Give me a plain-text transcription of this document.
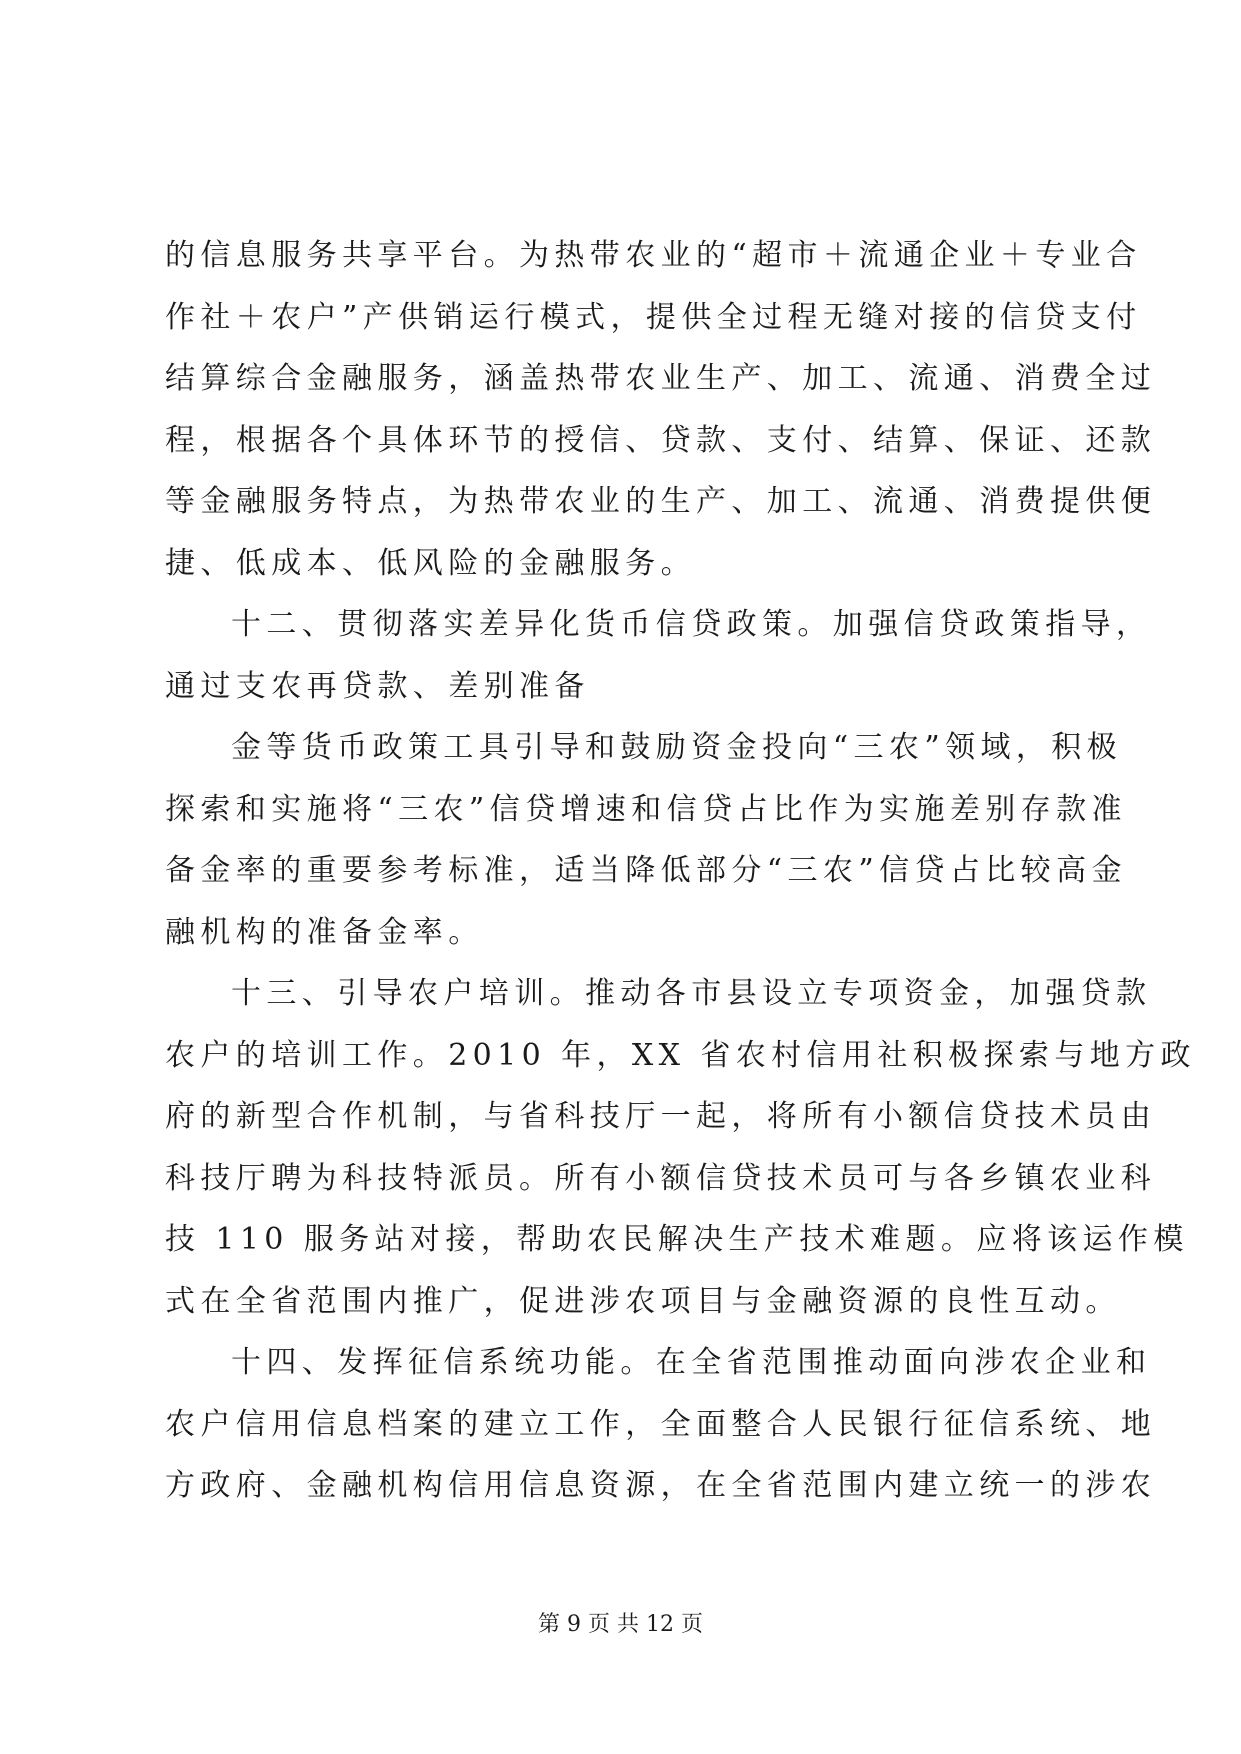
的信息服务共享平台。为热带农业的“超市＋流通企业＋专业合
作社＋农户”产供销运行模式，提供全过程无缝对接的信贷支付
结算综合金融服务，涵盖热带农业生产、加工、流通、消费全过
程，根据各个具体环节的授信、贷款、支付、结算、保证、还款
等金融服务特点，为热带农业的生产、加工、流通、消费提供便
捷、低成本、低风险的金融服务。
十二、贯彻落实差异化货币信贷政策。加强信贷政策指导，
通过支农再贷款、差别准备
金等货币政策工具引导和鼓励资金投向“三农”领域，积极
探索和实施将“三农”信贷增速和信贷占比作为实施差别存款准
备金率的重要参考标准，适当降低部分“三农”信贷占比较高金
融机构的准备金率。
十三、引导农户培训。推动各市县设立专项资金，加强贷款
农户的培训工作。2010 年，XX 省农村信用社积极探索与地方政
府的新型合作机制，与省科技厅一起，将所有小额信贷技术员由
科技厅聘为科技特派员。所有小额信贷技术员可与各乡镇农业科
技 110 服务站对接，帮助农民解决生产技术难题。应将该运作模
式在全省范围内推广，促进涉农项目与金融资源的良性互动。
十四、发挥征信系统功能。在全省范围推动面向涉农企业和
农户信用信息档案的建立工作，全面整合人民银行征信系统、地
方政府、金融机构信用信息资源，在全省范围内建立统一的涉农
第 9 页 共 12 页
